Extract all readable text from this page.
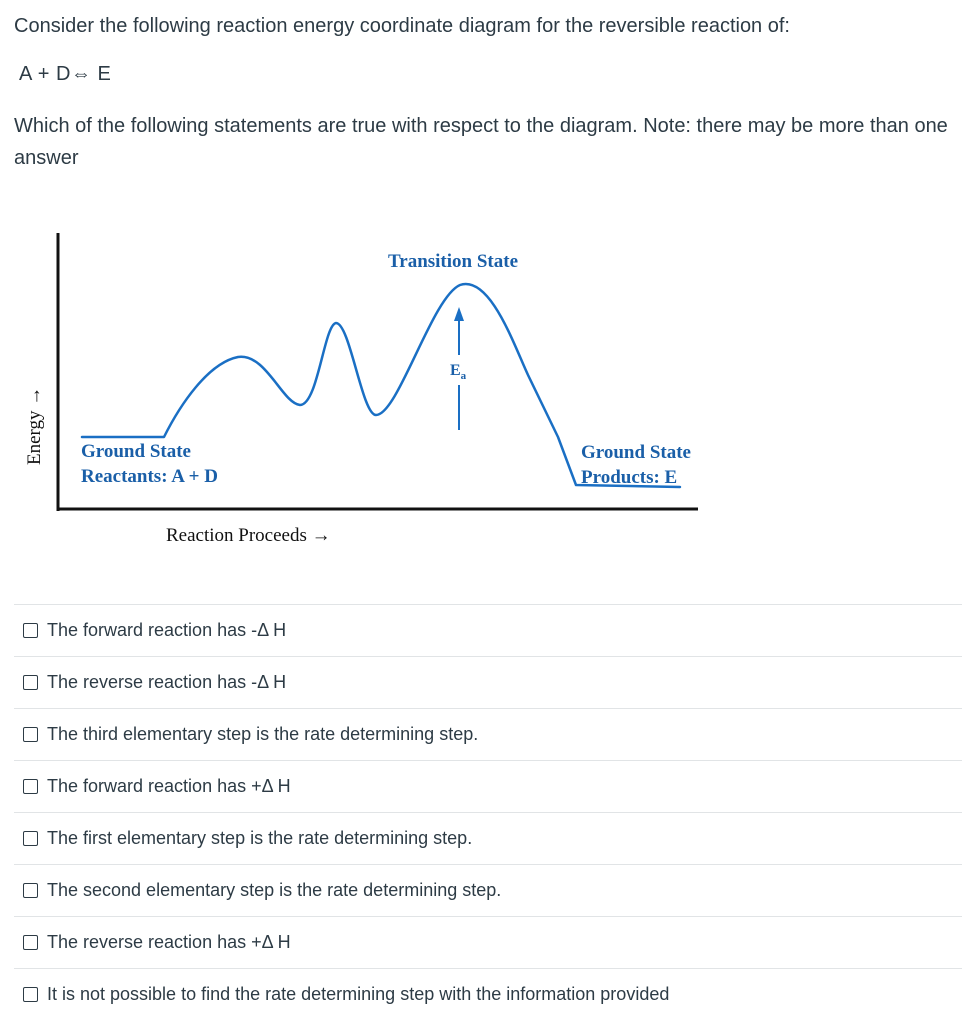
Consider the following reaction energy coordinate diagram for the reversible reaction of:

A + D⇔ E

Which of the following statements are true with respect to the diagram. Note: there may be more than one answer

$E_a$
Transition State
Ground State
Reactants: A + D
Ground State
Products: E
Energy →
Reaction Proceeds →
The forward reaction has -Δ H
The reverse reaction has -Δ H
The third elementary step is the rate determining step.
The forward reaction has +Δ H
The first elementary step is the rate determining step.
The second elementary step is the rate determining step.
The reverse reaction has +Δ H
It is not possible to find the rate determining step with the information provided
